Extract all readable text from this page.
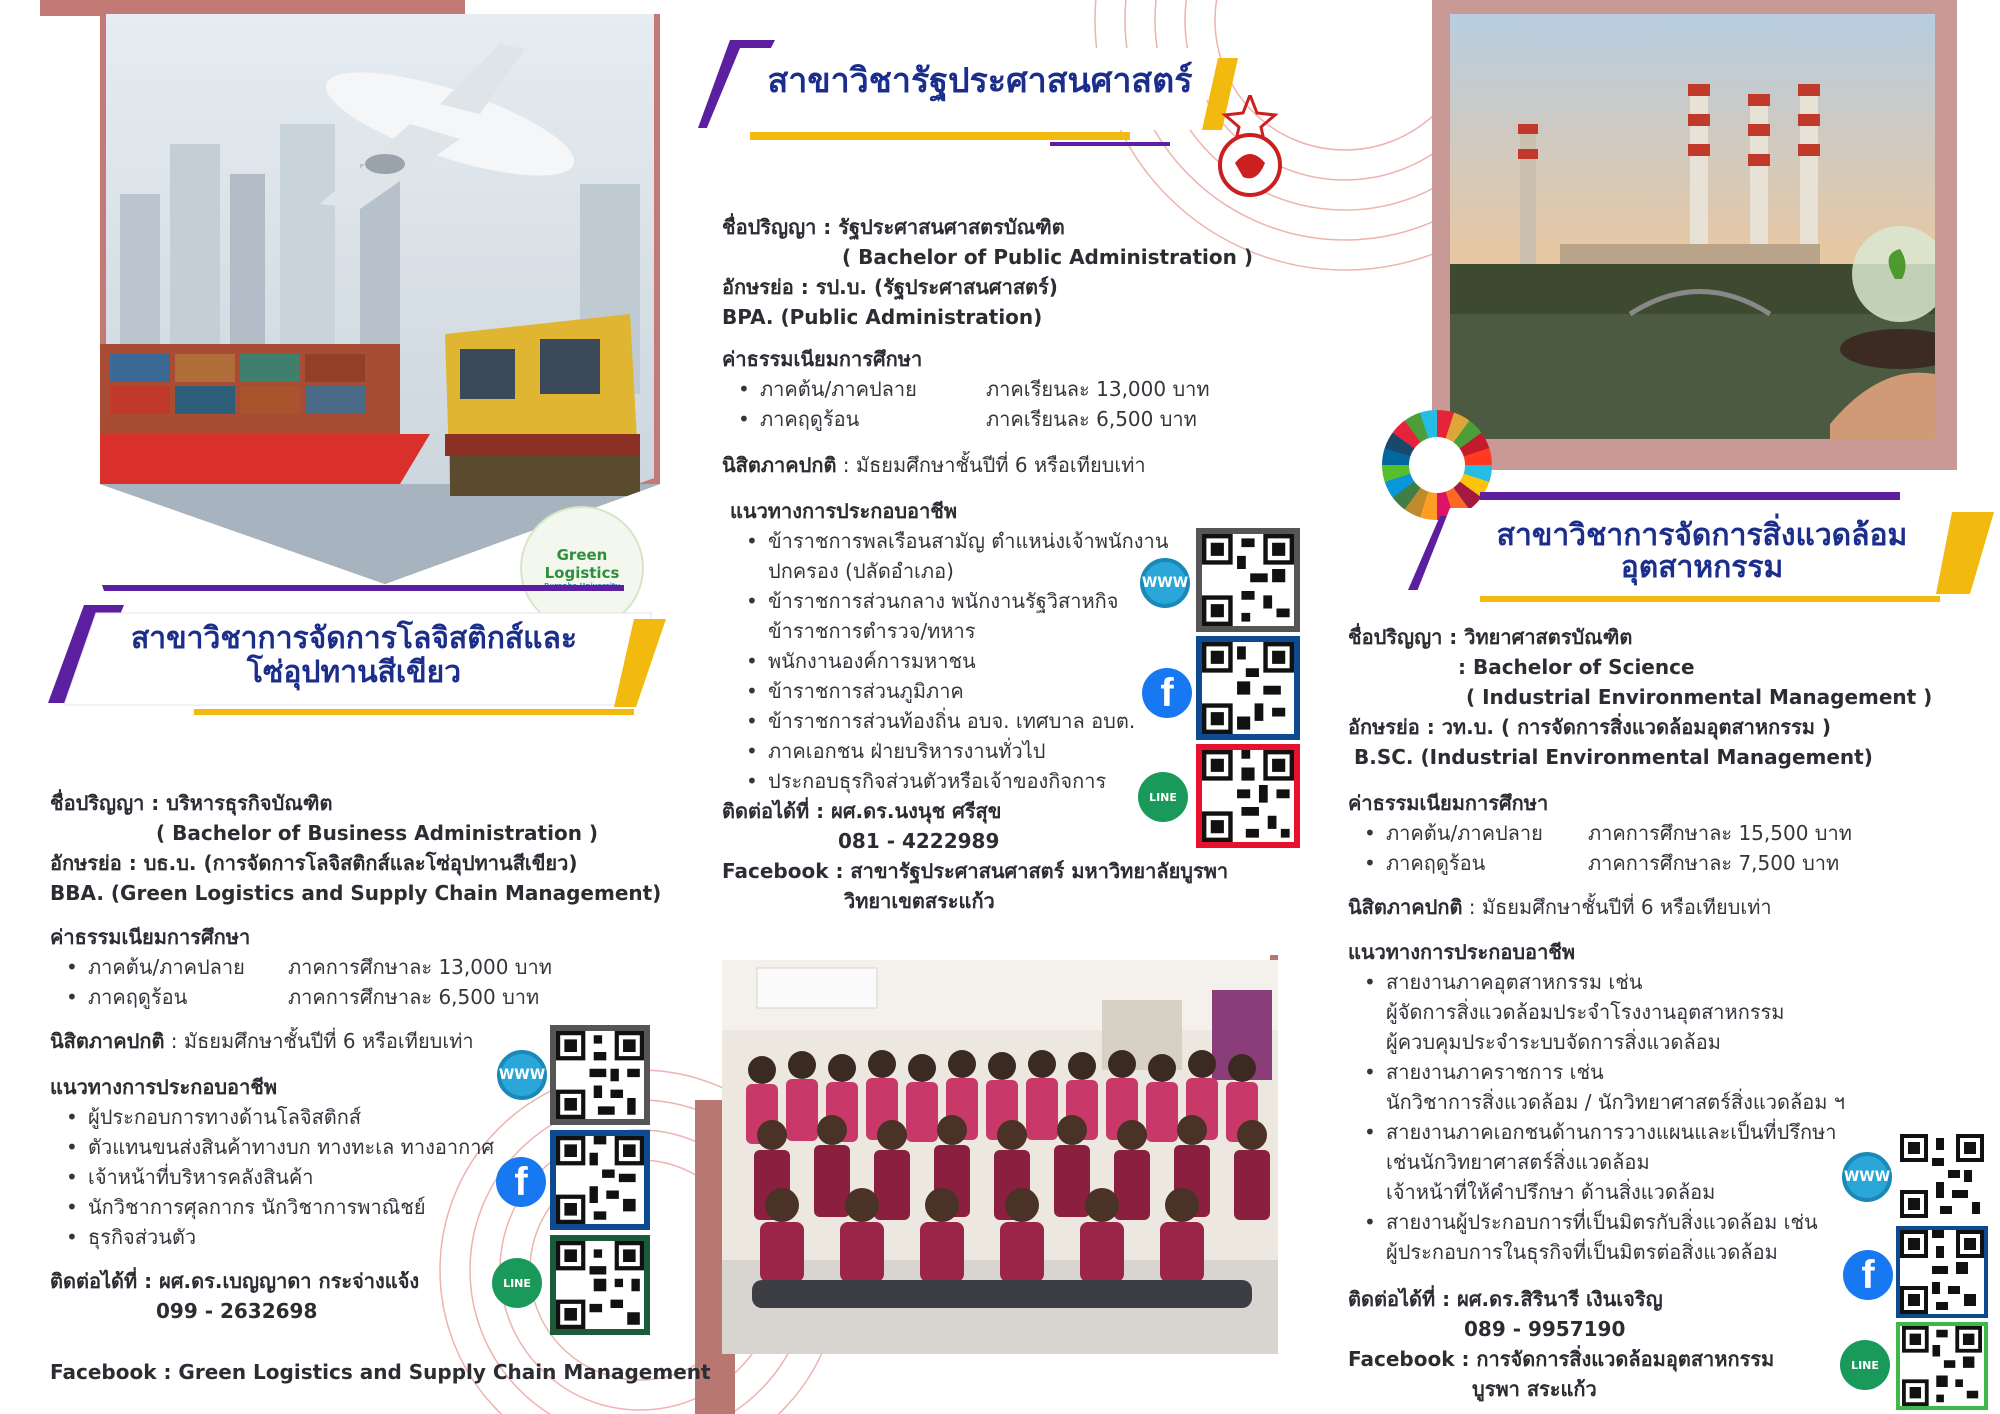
Green
Logistics
สาขาวิชาการจัดการโลจิสติกส์และ
โซ่อุปทานสีเขียว
ชื่อปริญญา : บริหารธุรกิจบัณฑิต
( Bachelor of Business Administration )
อักษรย่อ : บธ.บ. (การจัดการโลจิสติกส์และโซ่อุปทานสีเขียว)
BBA. (Green Logistics and Supply Chain Management)
ค่าธรรมเนียมการศึกษา
• ภาคต้น/ภาคปลาย	ภาคการศึกษาละ 13,000 บาท
• ภาคฤดูร้อน	ภาคการศึกษาละ 6,500 บาท
นิสิตภาคปกติ : มัธยมศึกษาชั้นปีที่ 6 หรือเทียบเท่า
แนวทางการประกอบอาชีพ
• ผู้ประกอบการทางด้านโลจิสติกส์
• ตัวแทนขนส่งสินค้าทางบก ทางทะเล ทางอากาศ
• เจ้าหน้าที่บริหารคลังสินค้า
• นักวิชาการศุลกากร นักวิชาการพาณิชย์
• ธุรกิจส่วนตัว
ติดต่อได้ที่ : ผศ.ดร.เบญญาดา กระจ่างแจ้ง
099 - 2632698
Facebook : Green Logistics and Supply Chain Management
WWW
f
LINE
สาขาวิชารัฐประศาสนศาสตร์
ชื่อปริญญา : รัฐประศาสนศาสตรบัณฑิต
( Bachelor of Public Administration )
อักษรย่อ : รป.บ. (รัฐประศาสนศาสตร์)
BPA. (Public Administration)
ค่าธรรมเนียมการศึกษา
• ภาคต้น/ภาคปลาย	ภาคเรียนละ 13,000 บาท
• ภาคฤดูร้อน	ภาคเรียนละ 6,500 บาท
นิสิตภาคปกติ : มัธยมศึกษาชั้นปีที่ 6 หรือเทียบเท่า
แนวทางการประกอบอาชีพ
• ข้าราชการพลเรือนสามัญ ตำแหน่งเจ้าพนักงาน
ปกครอง (ปลัดอำเภอ)
• ข้าราชการส่วนกลาง พนักงานรัฐวิสาหกิจ
ข้าราชการตำรวจ/ทหาร
• พนักงานองค์การมหาชน
• ข้าราชการส่วนภูมิภาค
• ข้าราชการส่วนท้องถิ่น อบจ. เทศบาล อบต.
• ภาคเอกชน ฝ่ายบริหารงานทั่วไป
• ประกอบธุรกิจส่วนตัวหรือเจ้าของกิจการ
ติดต่อได้ที่ : ผศ.ดร.นงนุช ศรีสุข
081 - 4222989
Facebook : สาขารัฐประศาสนศาสตร์ มหาวิทยาลัยบูรพา
วิทยาเขตสระแก้ว
WWW
f
LINE
สาขาวิชาการจัดการสิ่งแวดล้อม
อุตสาหกรรม
ชื่อปริญญา : วิทยาศาสตรบัณฑิต
: Bachelor of Science
( Industrial Environmental Management )
อักษรย่อ : วท.บ. ( การจัดการสิ่งแวดล้อมอุตสาหกรรม )
B.SC. (Industrial Environmental Management)
ค่าธรรมเนียมการศึกษา
• ภาคต้น/ภาคปลาย	ภาคการศึกษาละ 15,500 บาท
• ภาคฤดูร้อน	ภาคการศึกษาละ 7,500 บาท
นิสิตภาคปกติ : มัธยมศึกษาชั้นปีที่ 6 หรือเทียบเท่า
แนวทางการประกอบอาชีพ
• สายงานภาคอุตสาหกรรม เช่น
ผู้จัดการสิ่งแวดล้อมประจำโรงงานอุตสาหกรรม
ผู้ควบคุมประจำระบบจัดการสิ่งแวดล้อม
• สายงานภาคราชการ เช่น
นักวิชาการสิ่งแวดล้อม / นักวิทยาศาสตร์สิ่งแวดล้อม ฯ
• สายงานภาคเอกชนด้านการวางแผนและเป็นที่ปรึกษา
เช่นนักวิทยาศาสตร์สิ่งแวดล้อม
เจ้าหน้าที่ให้คำปรึกษา ด้านสิ่งแวดล้อม
• สายงานผู้ประกอบการที่เป็นมิตรกับสิ่งแวดล้อม เช่น
ผู้ประกอบการในธุรกิจที่เป็นมิตรต่อสิ่งแวดล้อม
ติดต่อได้ที่ : ผศ.ดร.สิรินารี เงินเจริญ
089 - 9957190
Facebook : การจัดการสิ่งแวดล้อมอุตสาหกรรม
บูรพา สระแก้ว
WWW
f
LINE
